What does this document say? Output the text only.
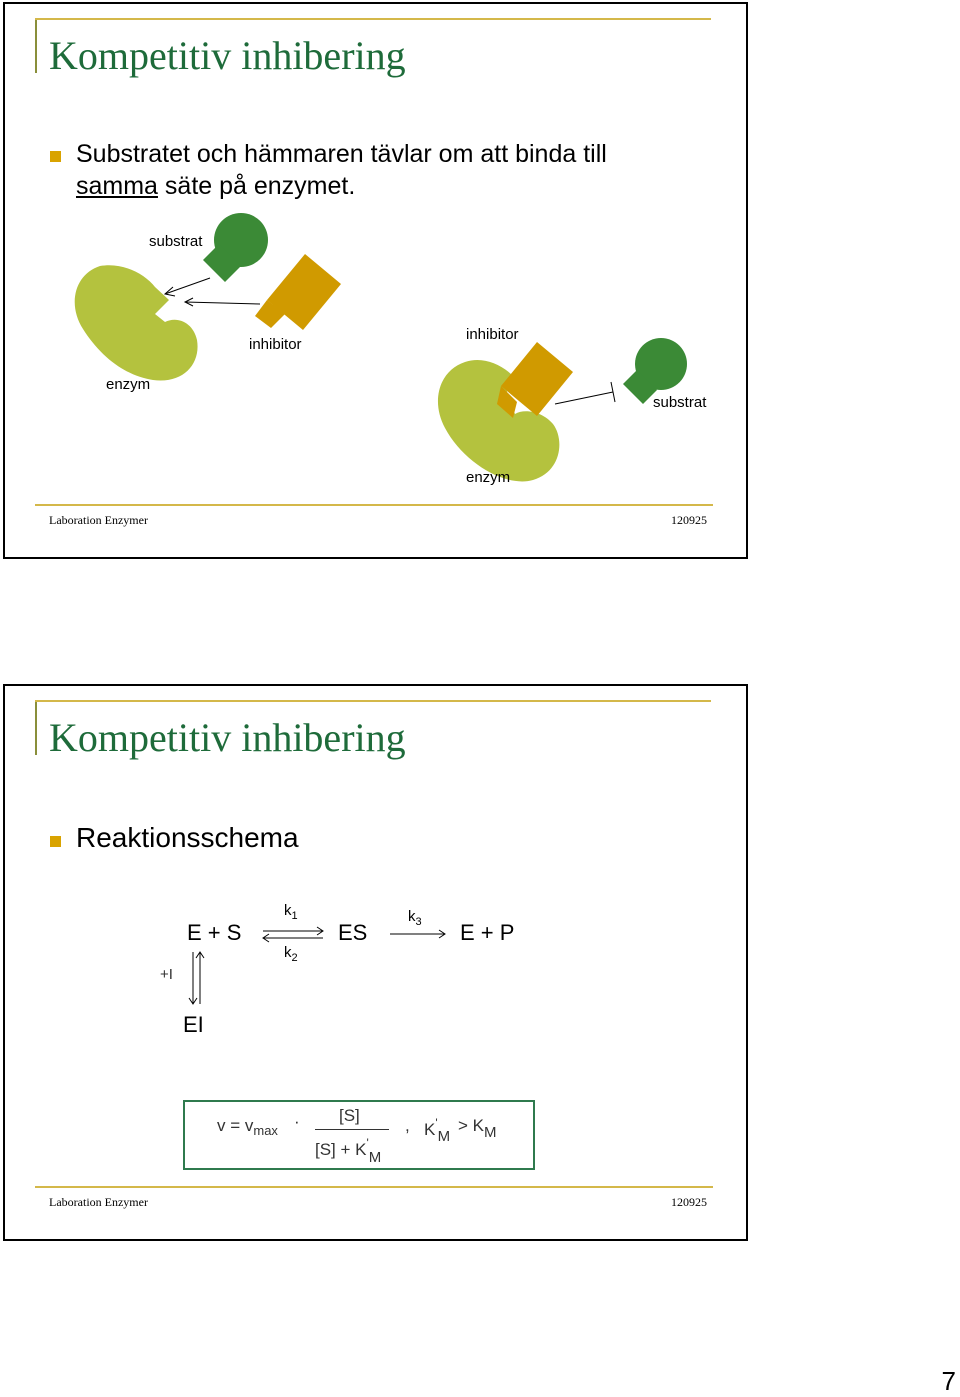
Kompetitiv inhibering
Substratet och hämmaren tävlar om att binda till
samma säte på enzymet.
substrat
inhibitor
enzym
inhibitor
substrat
enzym
Laboration Enzymer	120925
Kompetitiv inhibering
Reaktionsschema
E + S
$k_1$
$k_2$
ES
$k_3$ E + P
+I
EI
$v = v_{max} \cdot [S]$
[S] + K'M
, K'M
> KM
Laboration Enzymer	120925
7
